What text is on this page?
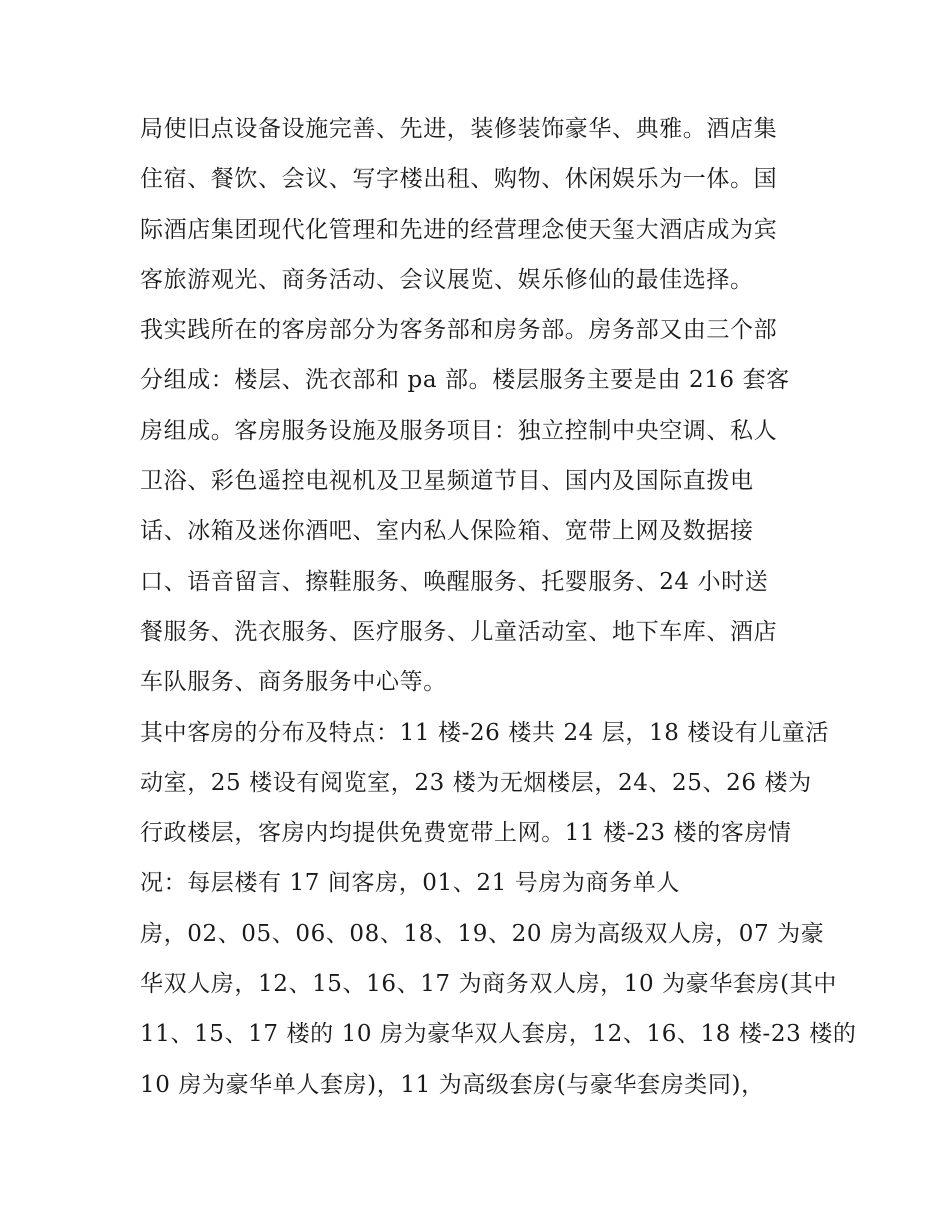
局使旧点设备设施完善、先进，装修装饰豪华、典雅。酒店集
住宿、餐饮、会议、写字楼出租、购物、休闲娱乐为一体。国
际酒店集团现代化管理和先进的经营理念使天玺大酒店成为宾
客旅游观光、商务活动、会议展览、娱乐修仙的最佳选择。
我实践所在的客房部分为客务部和房务部。房务部又由三个部
分组成：楼层、洗衣部和 pa 部。楼层服务主要是由 216 套客
房组成。客房服务设施及服务项目：独立控制中央空调、私人
卫浴、彩色遥控电视机及卫星频道节目、国内及国际直拨电
话、冰箱及迷你酒吧、室内私人保险箱、宽带上网及数据接
口、语音留言、擦鞋服务、唤醒服务、托婴服务、24 小时送
餐服务、洗衣服务、医疗服务、儿童活动室、地下车库、酒店
车队服务、商务服务中心等。
其中客房的分布及特点：11 楼-26 楼共 24 层，18 楼设有儿童活
动室，25 楼设有阅览室，23 楼为无烟楼层，24、25、26 楼为
行政楼层，客房内均提供免费宽带上网。11 楼-23 楼的客房情
况：每层楼有 17 间客房，01、21 号房为商务单人
房，02、05、06、08、18、19、20 房为高级双人房，07 为豪
华双人房，12、15、16、17 为商务双人房，10 为豪华套房(其中
11、15、17 楼的 10 房为豪华双人套房，12、16、18 楼-23 楼的
10 房为豪华单人套房)，11 为高级套房(与豪华套房类同)，
